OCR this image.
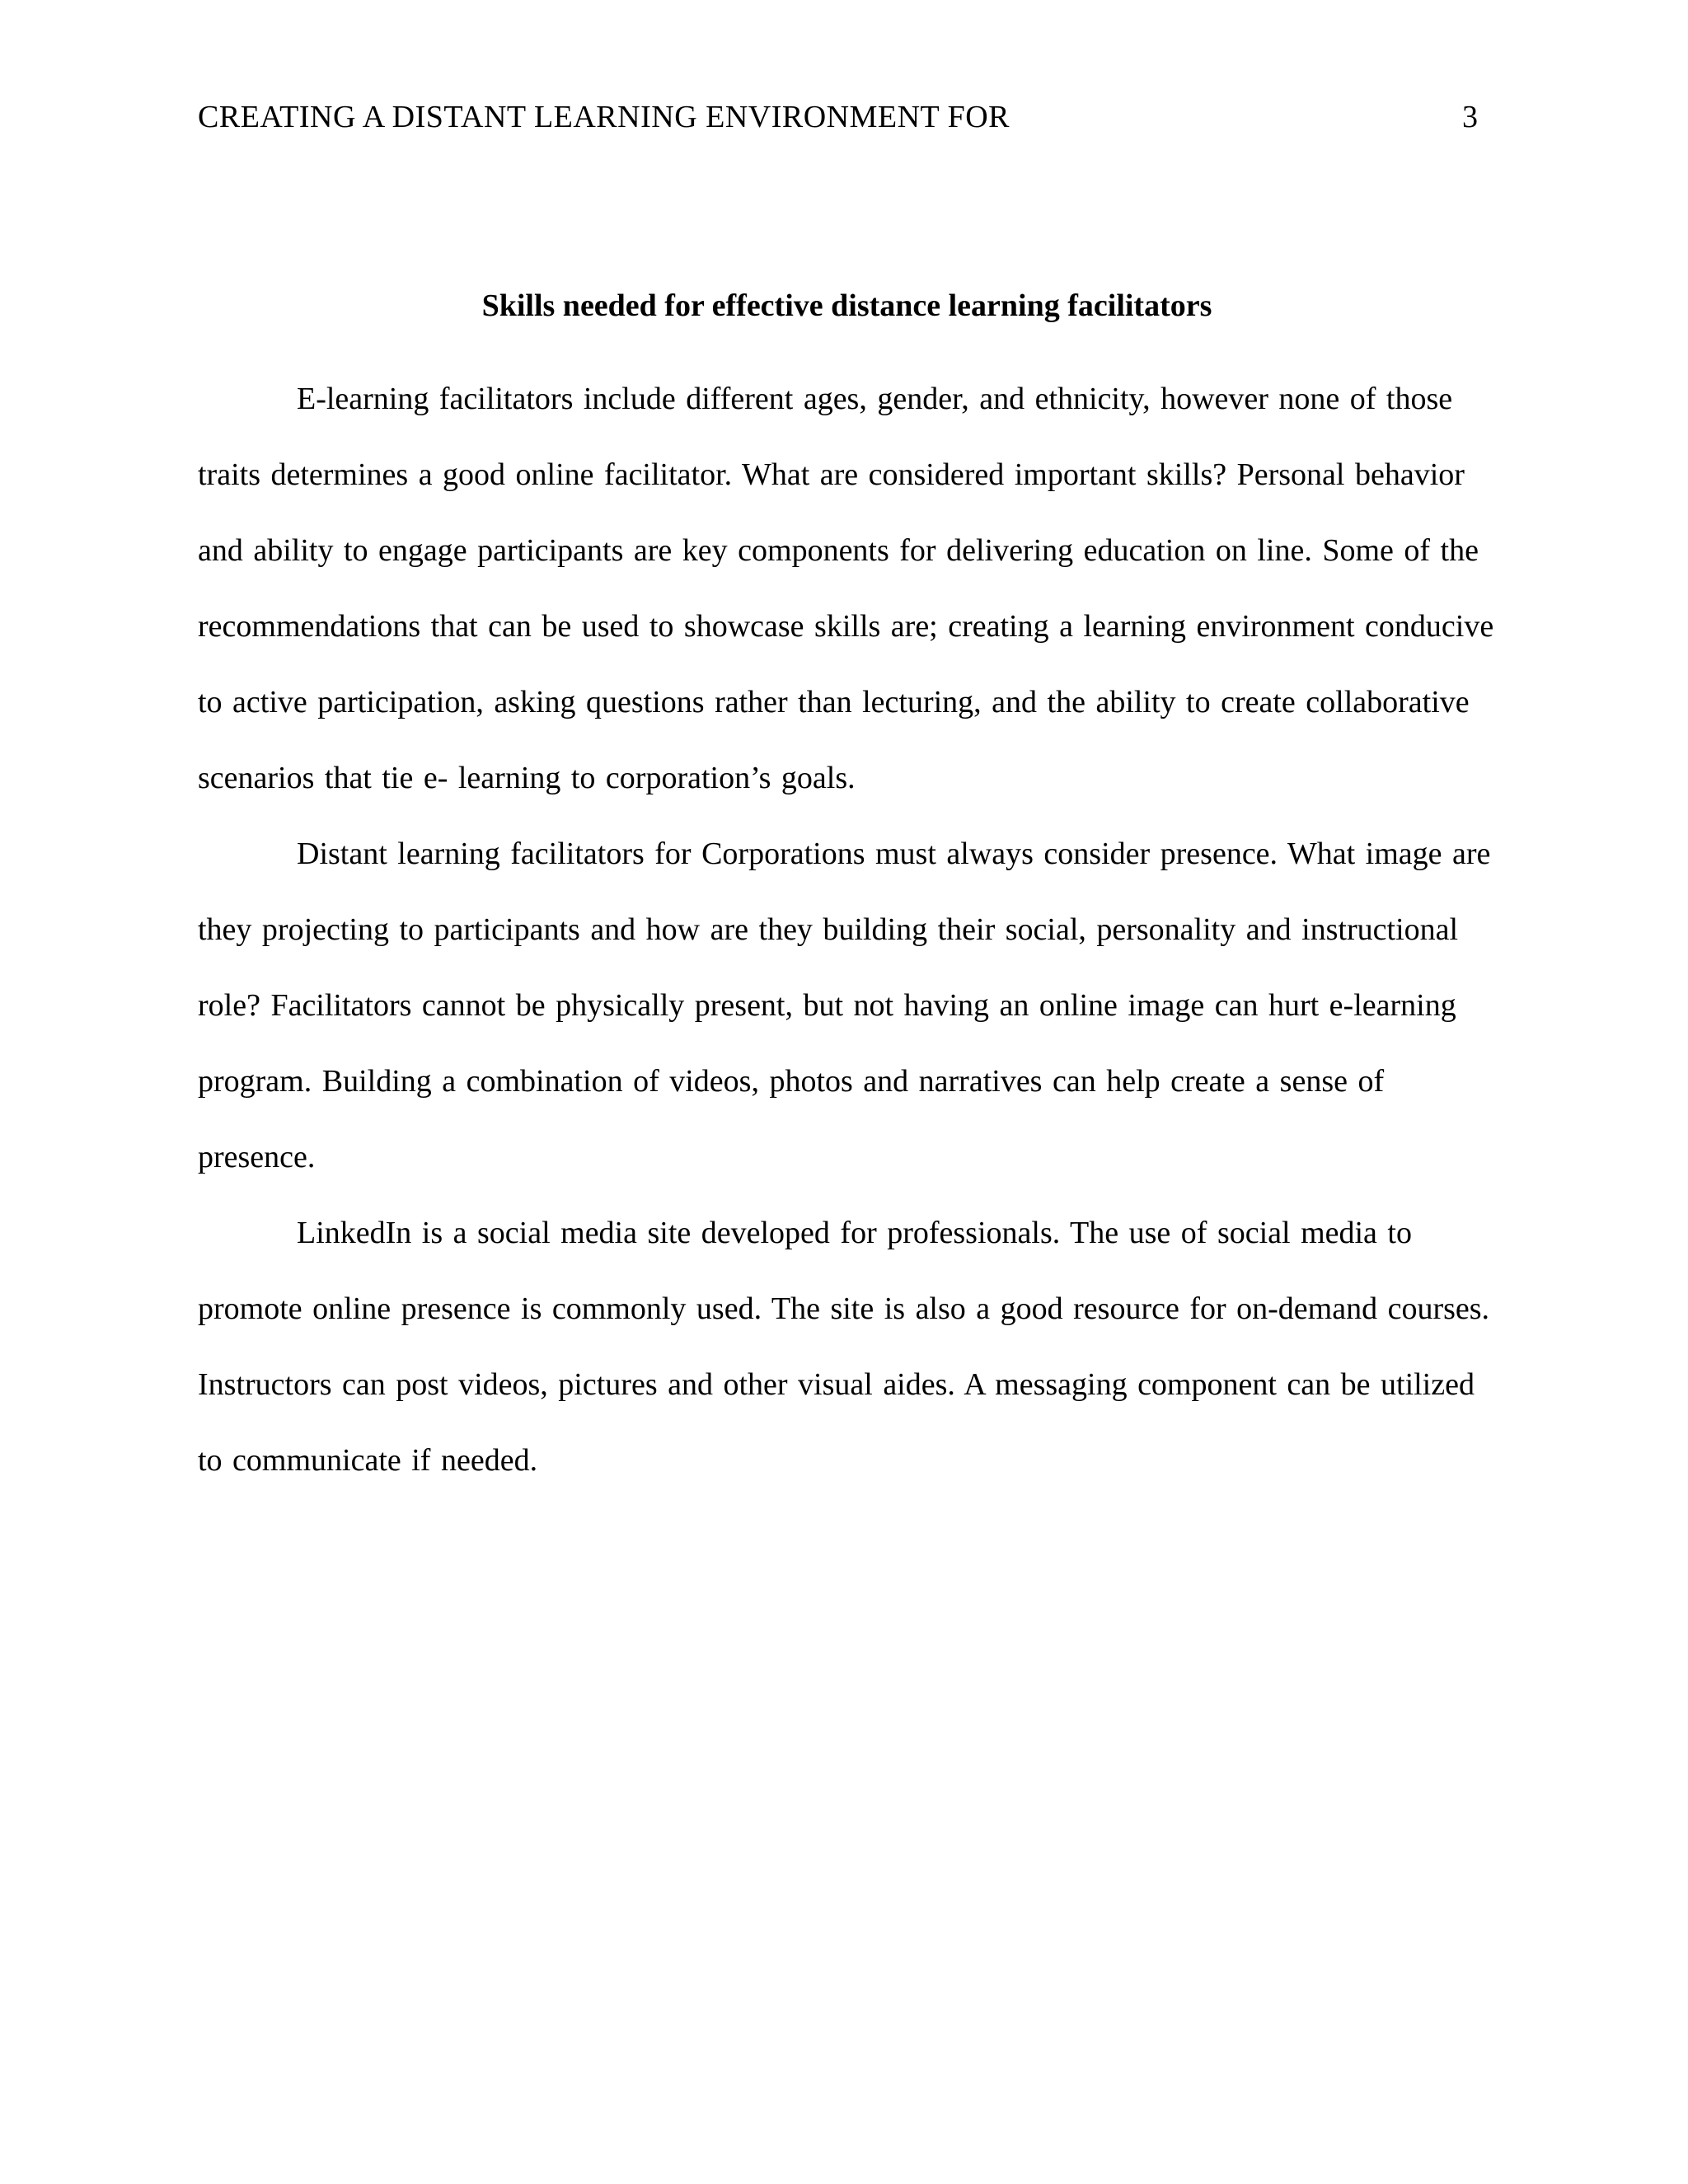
CREATING A DISTANT LEARNING ENVIRONMENT FOR	3
Skills needed for effective distance learning facilitators

E-learning facilitators include different ages, gender, and ethnicity, however none of those traits determines a good online facilitator. What are considered important skills? Personal behavior and ability to engage participants are key components for delivering education on line. Some of the recommendations that can be used to showcase skills are; creating a learning environment conducive to active participation, asking questions rather than lecturing, and the ability to create collaborative scenarios that tie e- learning to corporation’s goals.

Distant learning facilitators for Corporations must always consider presence. What image are they projecting to participants and how are they building their social, personality and instructional role? Facilitators cannot be physically present, but not having an online image can hurt e-learning program. Building a combination of videos, photos and narratives can help create a sense of presence.

LinkedIn is a social media site developed for professionals. The use of social media to promote online presence is commonly used. The site is also a good resource for on-demand courses. Instructors can post videos, pictures and other visual aides. A messaging component can be utilized to communicate if needed.
